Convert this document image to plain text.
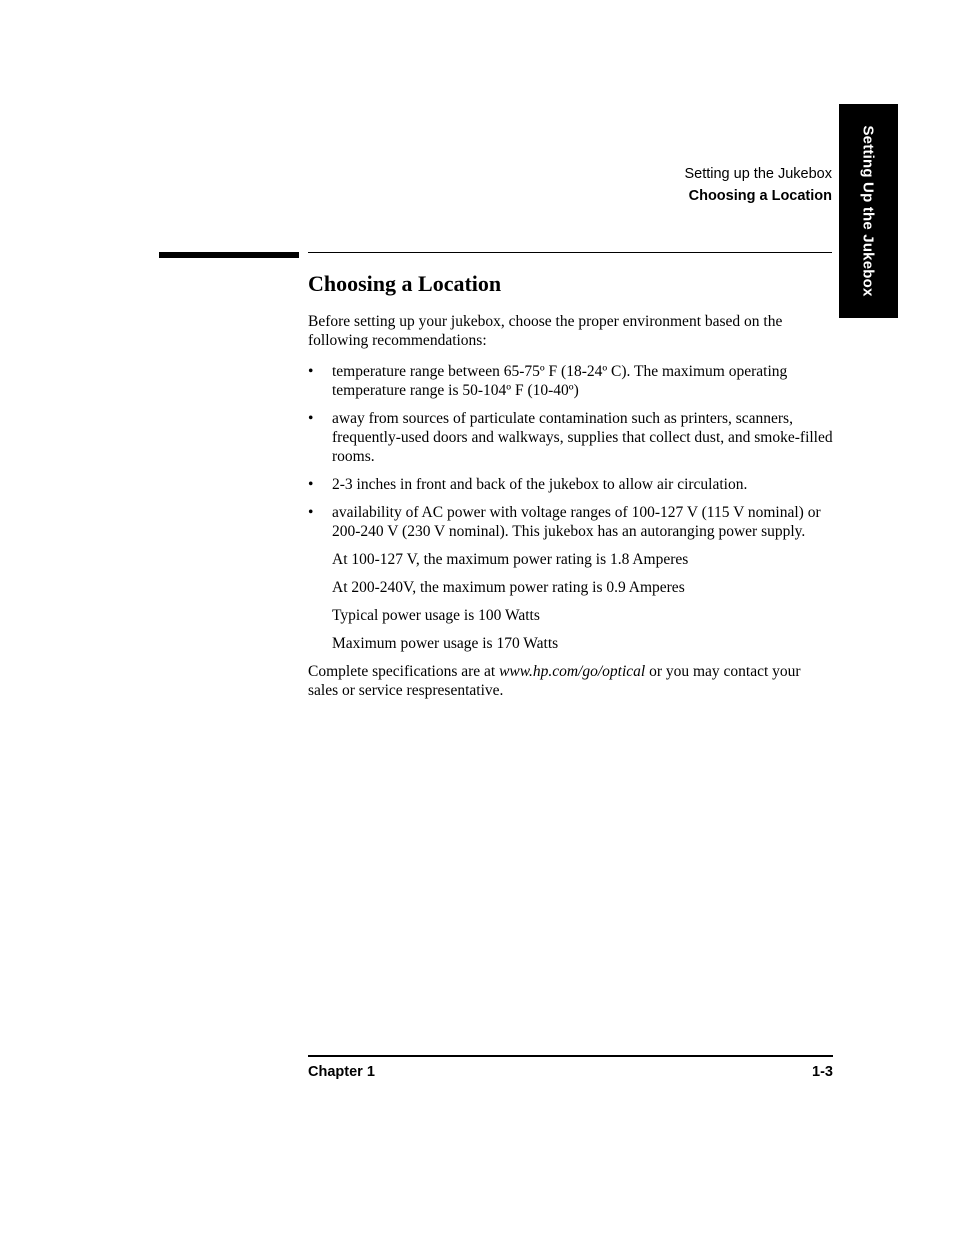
Setting Up the Jukebox
Setting up the Jukebox
Choosing a Location
Choosing a Location

Before setting up your jukebox, choose the proper environment based on the following recommendations:

• temperature range between 65-75º F (18-24º C). The maximum operating temperature range is 50-104º F (10-40º)
• away from sources of particulate contamination such as printers, scanners, frequently-used doors and walkways, supplies that collect dust, and smoke-filled rooms.
• 2-3 inches in front and back of the jukebox to allow air circulation.
• availability of AC power with voltage ranges of 100-127 V (115 V nominal) or 200-240 V (230 V nominal). This jukebox has an autoranging power supply.

At 100-127 V, the maximum power rating is 1.8 Amperes

At 200-240V, the maximum power rating is 0.9 Amperes

Typical power usage is 100 Watts

Maximum power usage is 170 Watts

Complete specifications are at www.hp.com/go/optical or you may contact your sales or service respresentative.

Chapter 1	1-3
